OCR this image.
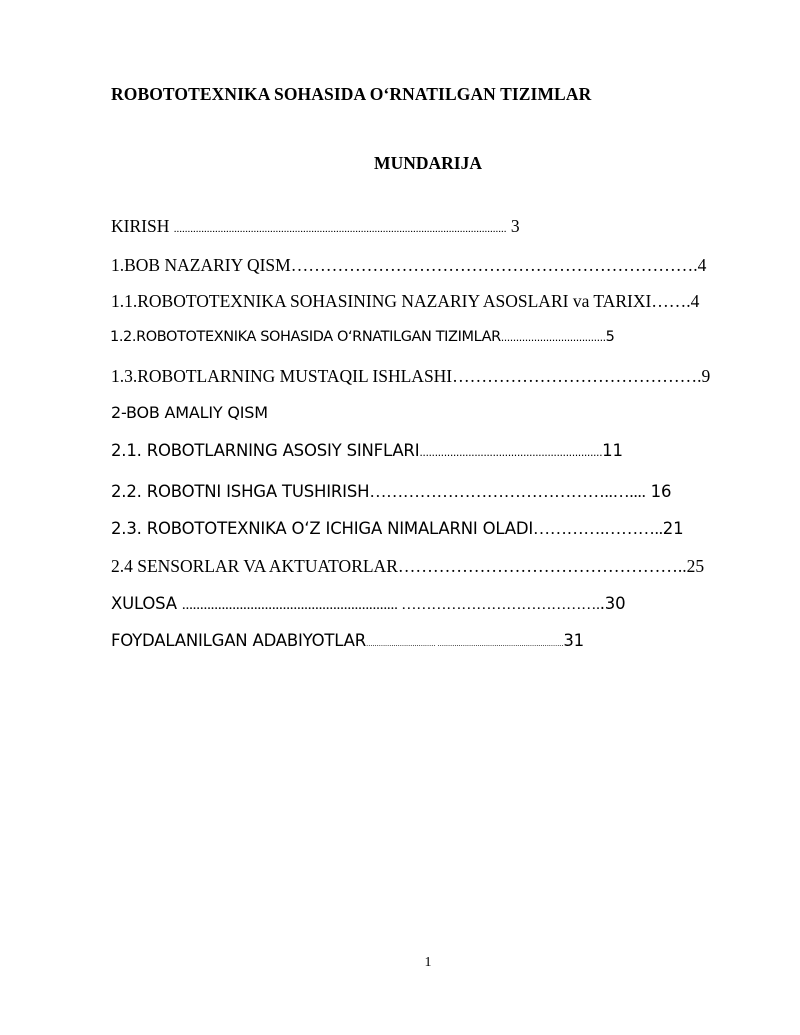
ROBOTOTEXNIKA SOHASIDA O‘RNATILGAN TIZIMLAR
MUNDARIJA
KIRISH ......................................................................................................................... 3
1.BOB NAZARIY QISM…………………………………………………………….4
1.1.ROBOTOTEXNIKA SOHASINING NAZARIY ASOSLARI va TARIXI…….4
1.2.ROBOTOTEXNIKA SOHASIDA O‘RNATILGAN TIZIMLAR...................................5
1.3.ROBOTLARNING MUSTAQIL ISHLASHI…………………………………….9
2-BOB AMALIY QISM
2.1. ROBOTLARNING ASOSIY SINFLARI............................................................11
2.2. ROBOTNI ISHGA TUSHIRISH……………………………………..….... 16
2.3. ROBOTOTEXNIKA O‘Z ICHIGA NIMALARNI OLADI………….………..21
2.4 SENSORLAR VA AKTUATORLAR…………………………………………..25
XULOSA ............................................................ …………………………………..30
FOYDALANILGAN ADABIYOTLAR................................. ............................................................31
1
